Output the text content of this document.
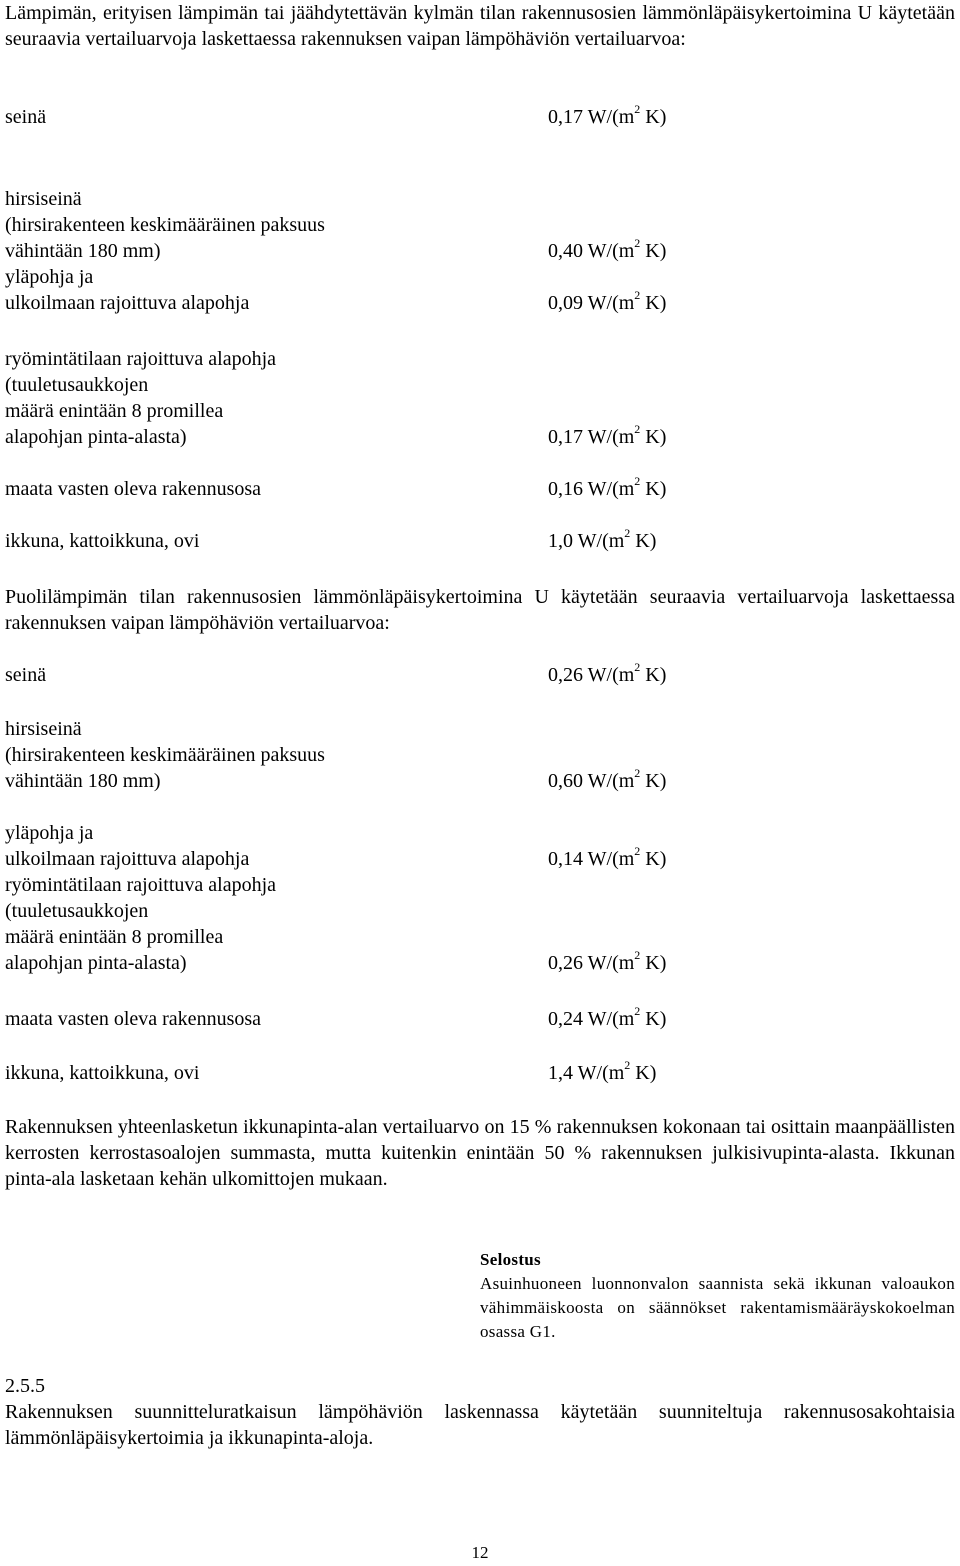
Lämpimän, erityisen lämpimän tai jäähdytettävän kylmän tilan rakennusosien lämmönläpäisykertoimina U käytetään seuraavia vertailuarvoja laskettaessa rakennuksen vaipan lämpöhäviön vertailuarvoa:

seinä	0,17 $W/(m^2$ K)
hirsiseinä
(hirsirakenteen keskimääräinen paksuus
vähintään 180 mm)	0,40 $W/(m^2$ K)
yläpohja ja
ulkoilmaan rajoittuva alapohja	0,09 $W/(m^2$ K)
ryömintätilaan rajoittuva alapohja
(tuuletusaukkojen
määrä enintään 8 promillea
alapohjan pinta-alasta)	0,17 $W/(m^2$ K)
maata vasten oleva rakennusosa	0,16 $W/(m^2$ K)
ikkuna, kattoikkuna, ovi	1,0 $W/(m^2$ K)

Puolilämpimän tilan rakennusosien lämmönläpäisykertoimina U käytetään seuraavia vertailuarvoja laskettaessa rakennuksen vaipan lämpöhäviön vertailuarvoa:

seinä	0,26 $W/(m^2$ K)
hirsiseinä
(hirsirakenteen keskimääräinen paksuus
vähintään 180 mm)	0,60 $W/(m^2$ K)
yläpohja ja
ulkoilmaan rajoittuva alapohja	0,14 $W/(m^2$ K)
ryömintätilaan rajoittuva alapohja
(tuuletusaukkojen
määrä enintään 8 promillea
alapohjan pinta-alasta)	0,26 $W/(m^2$ K)
maata vasten oleva rakennusosa	0,24 $W/(m^2$ K)
ikkuna, kattoikkuna, ovi	1,4 $W/(m^2$ K)

Rakennuksen yhteenlasketun ikkunapinta-alan vertailuarvo on 15 % rakennuksen kokonaan tai osittain maanpäällisten kerrosten kerrostasoalojen summasta, mutta kuitenkin enintään 50 % rakennuksen julkisivupinta-alasta. Ikkunan pinta-ala lasketaan kehän ulkomittojen mukaan.

Selostus
Asuinhuoneen luonnonvalon saannista sekä ikkunan valoaukon vähimmäiskoosta on säännökset rakentamismääräyskokoelman osassa G1.
2.5.5
Rakennuksen suunnitteluratkaisun lämpöhäviön laskennassa käytetään suunniteltuja rakennusosakohtaisia lämmönläpäisykertoimia ja ikkunapinta-aloja.
12
